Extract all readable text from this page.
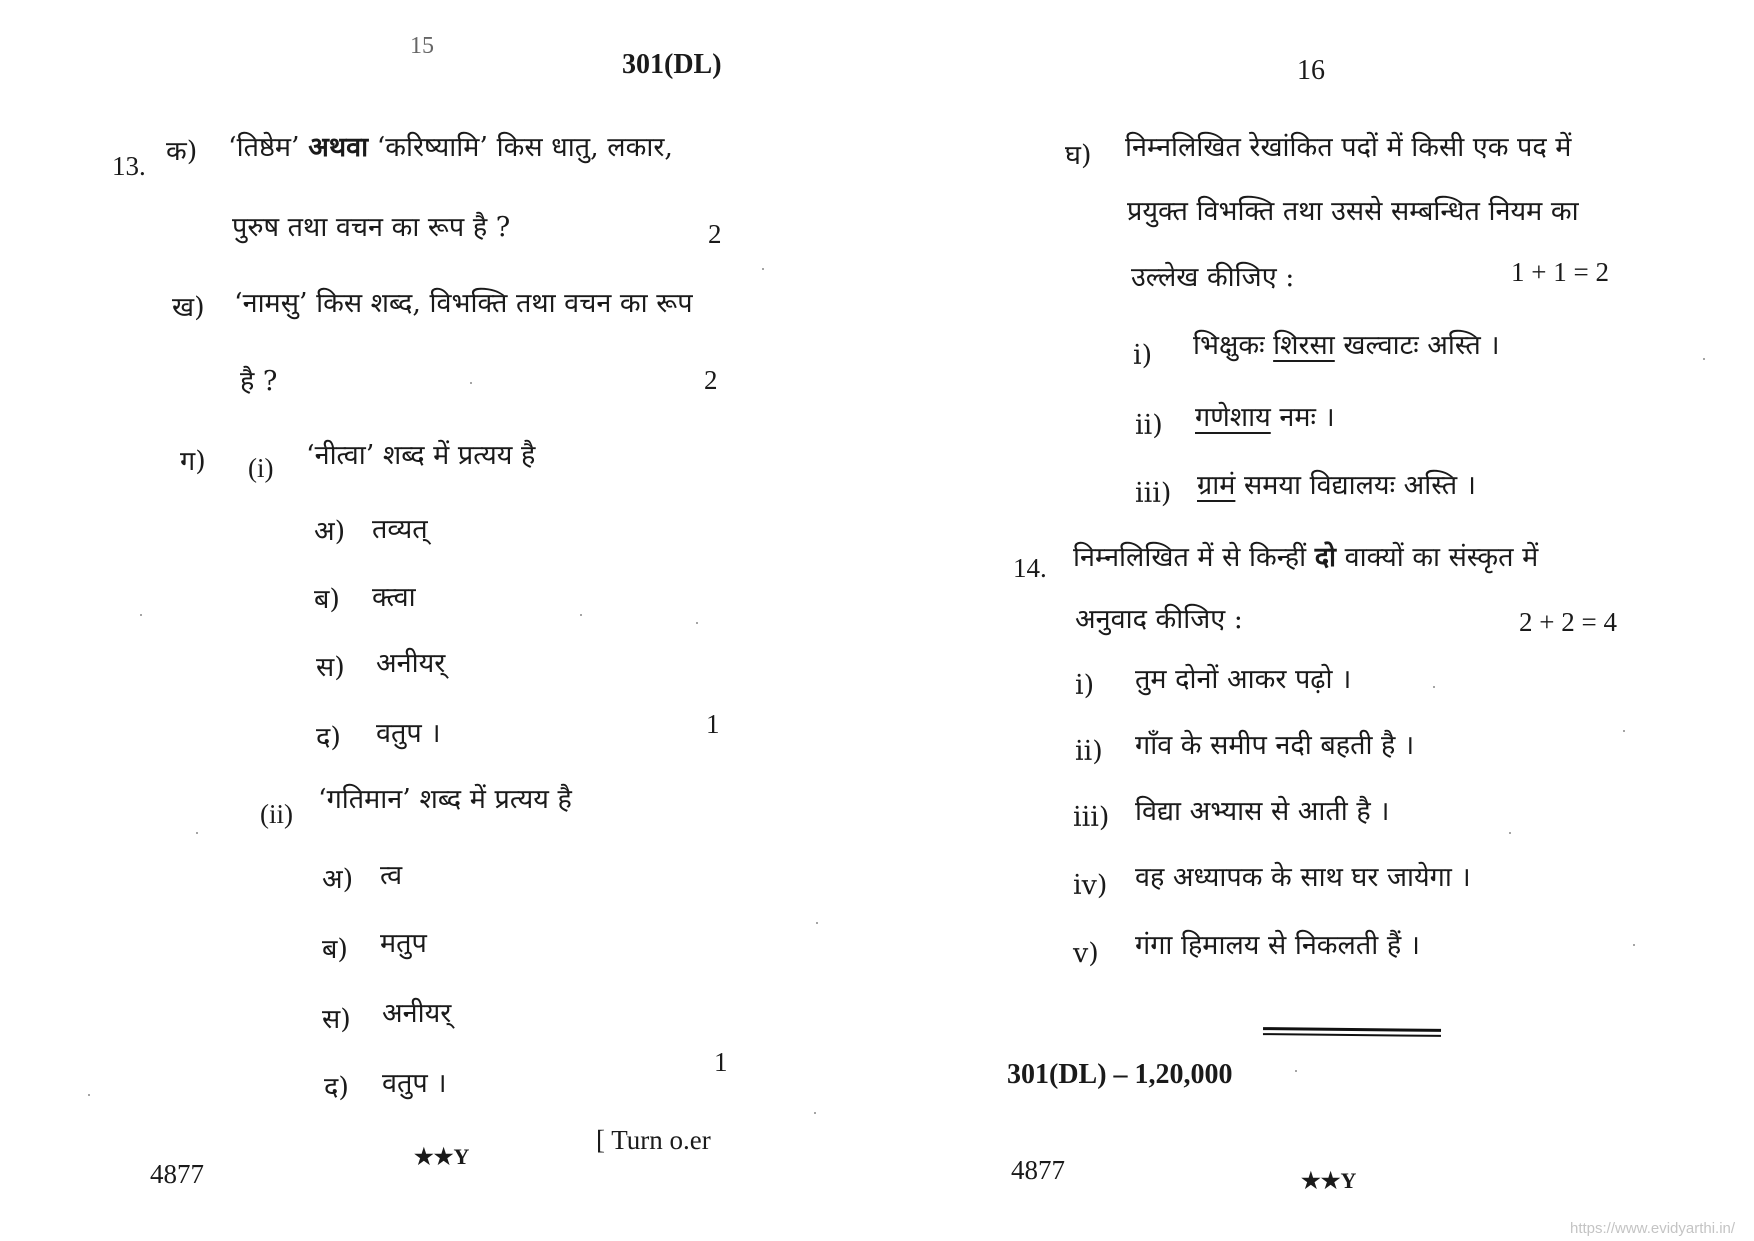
15
301(DL)
13. क) ‘तिष्ठेम’ अथवा ‘करिष्यामि’ किस धातु, लकार,
पुरुष तथा वचन का रूप है ?	2
ख) ‘नामसु’ किस शब्द, विभक्ति तथा वचन का रूप
है ?	2
ग) (i) ‘नीत्वा’ शब्द में प्रत्यय है
अ) तव्यत्
ब) क्त्वा
स) अनीयर्
द) वतुप ।	1
(ii) ‘गतिमान’ शब्द में प्रत्यय है
अ) त्व
ब) मतुप
स) अनीयर्
द) वतुप ।
1
[ Turn o.er
4877
★★Y
16
घ) निम्नलिखित रेखांकित पदों में किसी एक पद में
प्रयुक्त विभक्ति तथा उससे सम्बन्धित नियम का
उल्लेख कीजिए :	1 + 1 = 2
i) भिक्षुकः शिरसा खल्वाटः अस्ति ।
ii) गणेशाय नमः ।
iii) ग्रामं समया विद्यालयः अस्ति ।
14. निम्नलिखित में से किन्हीं दो वाक्यों का संस्कृत में
अनुवाद कीजिए :	2 + 2 = 4
i) तुम दोनों आकर पढ़ो ।
ii) गाँव के समीप नदी बहती है ।
iii) विद्या अभ्यास से आती है ।
iv) वह अध्यापक के साथ घर जायेगा ।
v) गंगा हिमालय से निकलती हैं ।
301(DL) – 1,20,000
4877	★★Y
https://www.evidyarthi.in/
